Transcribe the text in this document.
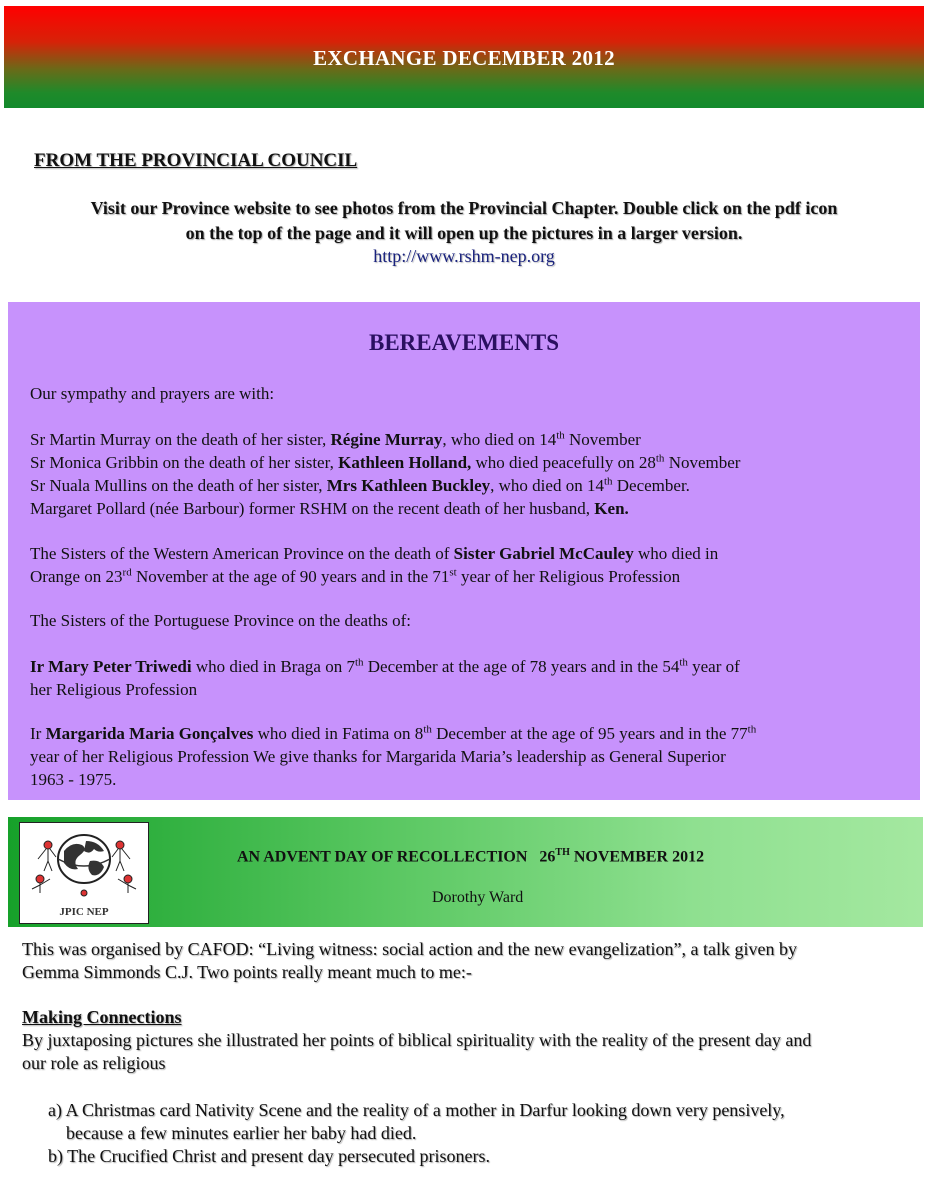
EXCHANGE DECEMBER 2012
FROM THE PROVINCIAL COUNCIL
Visit our Province website to see photos from the Provincial Chapter. Double click on the pdf icon
on the top of the page and it will open up the pictures in a larger version.
http://www.rshm-nep.org
BEREAVEMENTS
Our sympathy and prayers are with:
Sr Martin Murray on the death of her sister, Régine Murray, who died on 14th November
Sr Monica Gribbin on the death of her sister, Kathleen Holland, who died peacefully on 28th November
Sr Nuala Mullins on the death of her sister, Mrs Kathleen Buckley, who died on 14th December.
Margaret Pollard (née Barbour) former RSHM on the recent death of her husband, Ken.
The Sisters of the Western American Province on the death of Sister Gabriel McCauley who died in
Orange on 23rd November at the age of 90 years and in the 71st year of her Religious Profession
The Sisters of the Portuguese Province on the deaths of:
Ir Mary Peter Triwedi who died in Braga on 7th December at the age of 78 years and in the 54th year of
her Religious Profession
Ir Margarida Maria Gonçalves who died in Fatima on 8th December at the age of 95 years and in the 77th
year of her Religious Profession We give thanks for Margarida Maria’s leadership as General Superior
1963 - 1975.
JPIC NEP
AN ADVENT DAY OF RECOLLECTION   26TH NOVEMBER 2012
Dorothy Ward
This was organised by CAFOD: “Living witness: social action and the new evangelization”, a talk given by
Gemma Simmonds C.J. Two points really meant much to me:-
Making Connections
By juxtaposing pictures she illustrated her points of biblical spirituality with the reality of the present day and
our role as religious
a) A Christmas card Nativity Scene and the reality of a mother in Darfur looking down very pensively,
because a few minutes earlier her baby had died.
b) The Crucified Christ and present day persecuted prisoners.
